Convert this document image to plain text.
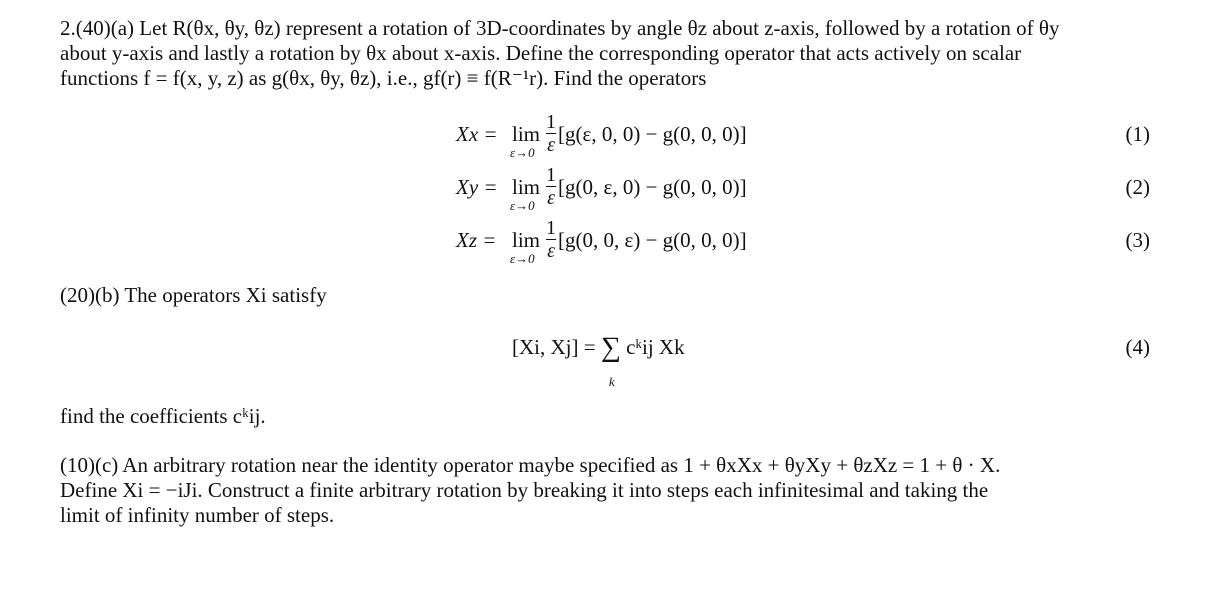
2.(40)(a) Let R(θx, θy, θz) represent a rotation of 3D-coordinates by angle θz about z-axis, followed by a rotation of θy

about y-axis and lastly a rotation by θx about x-axis. Define the corresponding operator that acts actively on scalar

functions f = f(x, y, z) as g(θx, θy, θz), i.e., gf(r) ≡ f(R⁻¹r). Find the operators

Xx = lim
$\varepsilon\to 0 \frac{1}{\varepsilon} [g(\varepsilon$, 0, 0) − g(0, 0, 0)]	(1)
Xy = lim
$\varepsilon\to 0 \frac{1}{\varepsilon} [g(0$, ε, 0) − g(0, 0, 0)]	(2)
Xz = lim
$\varepsilon\to 0 \frac{1}{\varepsilon} [g(0$, 0, ε) − g(0, 0, 0)]	(3)
(20)(b) The operators Xi satisfy
[Xi, Xj] = ∑
k
cᵏij Xk	(4)
find the coefficients cᵏij.

(10)(c) An arbitrary rotation near the identity operator maybe specified as 1 + θxXx + θyXy + θzXz = 1 + θ · X.

Define Xi = −iJi. Construct a finite arbitrary rotation by breaking it into steps each infinitesimal and taking the

limit of infinity number of steps.
